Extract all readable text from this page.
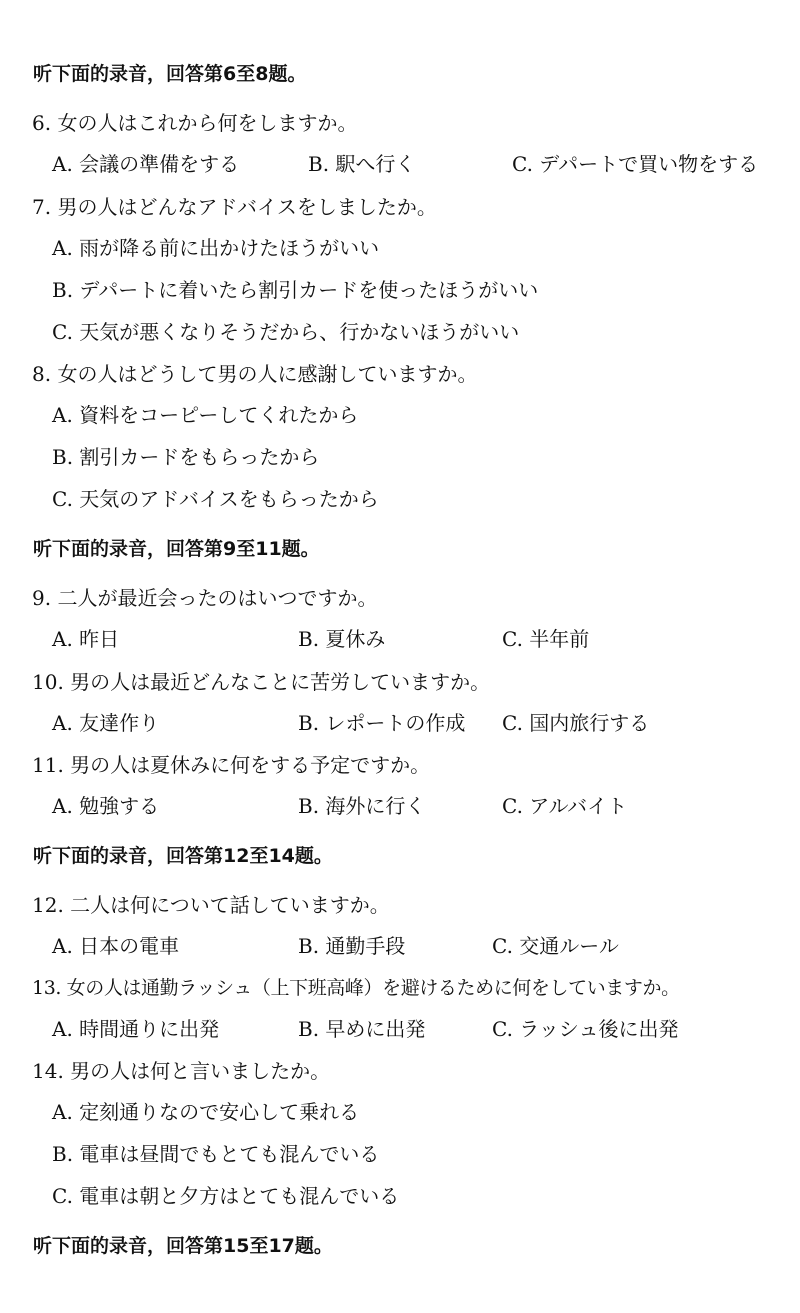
听下面的录音，回答第6至8题。
6. 女の人はこれから何をしますか。
A. 会議の準備をする	B. 駅へ行く	C. デパートで買い物をする
7. 男の人はどんなアドバイスをしましたか。
A. 雨が降る前に出かけたほうがいい
B. デパートに着いたら割引カードを使ったほうがいい
C. 天気が悪くなりそうだから、行かないほうがいい
8. 女の人はどうして男の人に感謝していますか。
A. 資料をコーピーしてくれたから
B. 割引カードをもらったから
C. 天気のアドバイスをもらったから
听下面的录音，回答第9至11题。
9. 二人が最近会ったのはいつですか。
A. 昨日	B. 夏休み	C. 半年前
10. 男の人は最近どんなことに苦労していますか。
A. 友達作り	B. レポートの作成 C. 国内旅行する
11. 男の人は夏休みに何をする予定ですか。
A. 勉強する	B. 海外に行く	C. アルバイト
听下面的录音，回答第12至14题。
12. 二人は何について話していますか。
A. 日本の電車	B. 通勤手段	C. 交通ルール
13. 女の人は通勤ラッシュ（上下班高峰）を避けるために何をしていますか。
A. 時間通りに出発	B. 早めに出発	C. ラッシュ後に出発
14. 男の人は何と言いましたか。
A. 定刻通りなので安心して乗れる
B. 電車は昼間でもとても混んでいる
C. 電車は朝と夕方はとても混んでいる
听下面的录音，回答第15至17题。
